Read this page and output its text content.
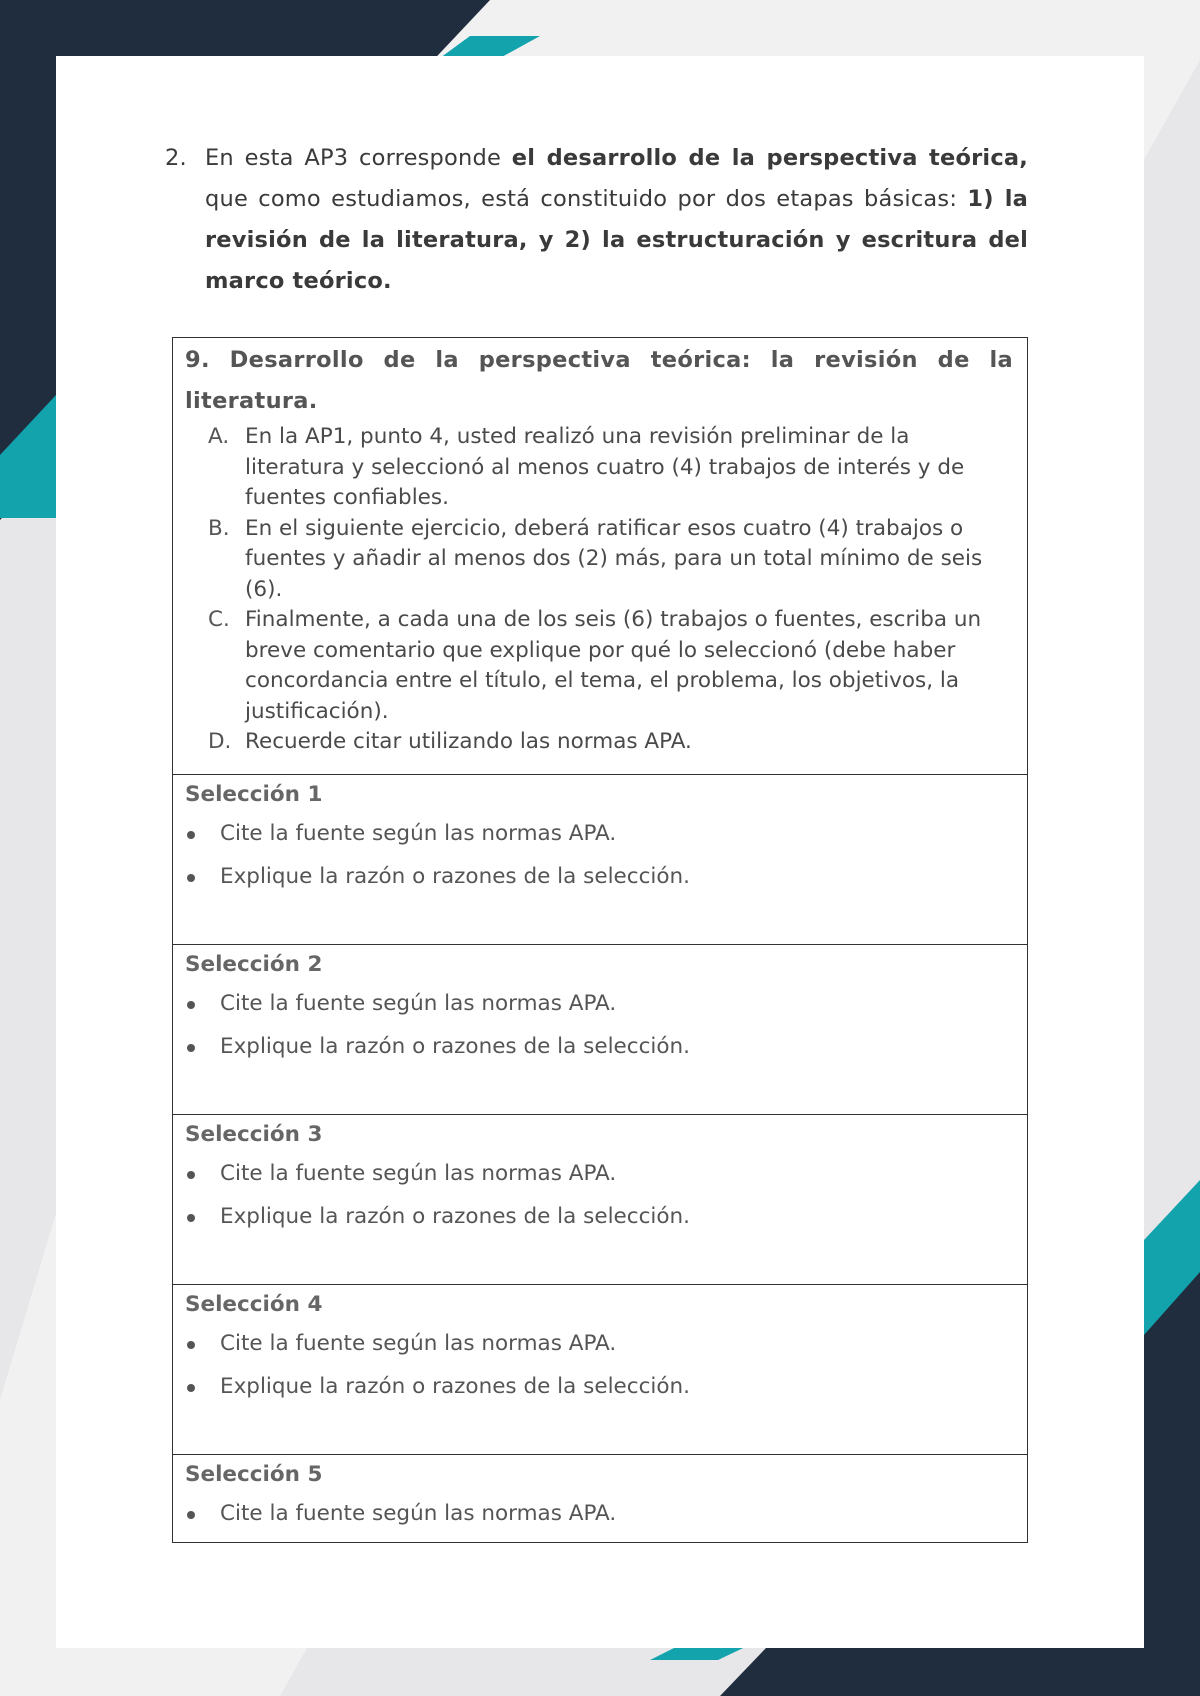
2. En esta AP3 corresponde el desarrollo de la perspectiva teórica, que como estudiamos, está constituido por dos etapas básicas: 1) la revisión de la literatura, y 2) la estructuración y escritura del marco teórico.
9. Desarrollo de la perspectiva teórica: la revisión de la literatura.
A. En la AP1, punto 4, usted realizó una revisión preliminar de la literatura y seleccionó al menos cuatro (4) trabajos de interés y de fuentes confiables.
B. En el siguiente ejercicio, deberá ratificar esos cuatro (4) trabajos o fuentes y añadir al menos dos (2) más, para un total mínimo de seis (6).
C. Finalmente, a cada una de los seis (6) trabajos o fuentes, escriba un breve comentario que explique por qué lo seleccionó (debe haber concordancia entre el título, el tema, el problema, los objetivos, la justificación).
D. Recuerde citar utilizando las normas APA.
Selección 1
Cite la fuente según las normas APA.
Explique la razón o razones de la selección.
Selección 2
Cite la fuente según las normas APA.
Explique la razón o razones de la selección.
Selección 3
Cite la fuente según las normas APA.
Explique la razón o razones de la selección.
Selección 4
Cite la fuente según las normas APA.
Explique la razón o razones de la selección.
Selección 5
Cite la fuente según las normas APA.
